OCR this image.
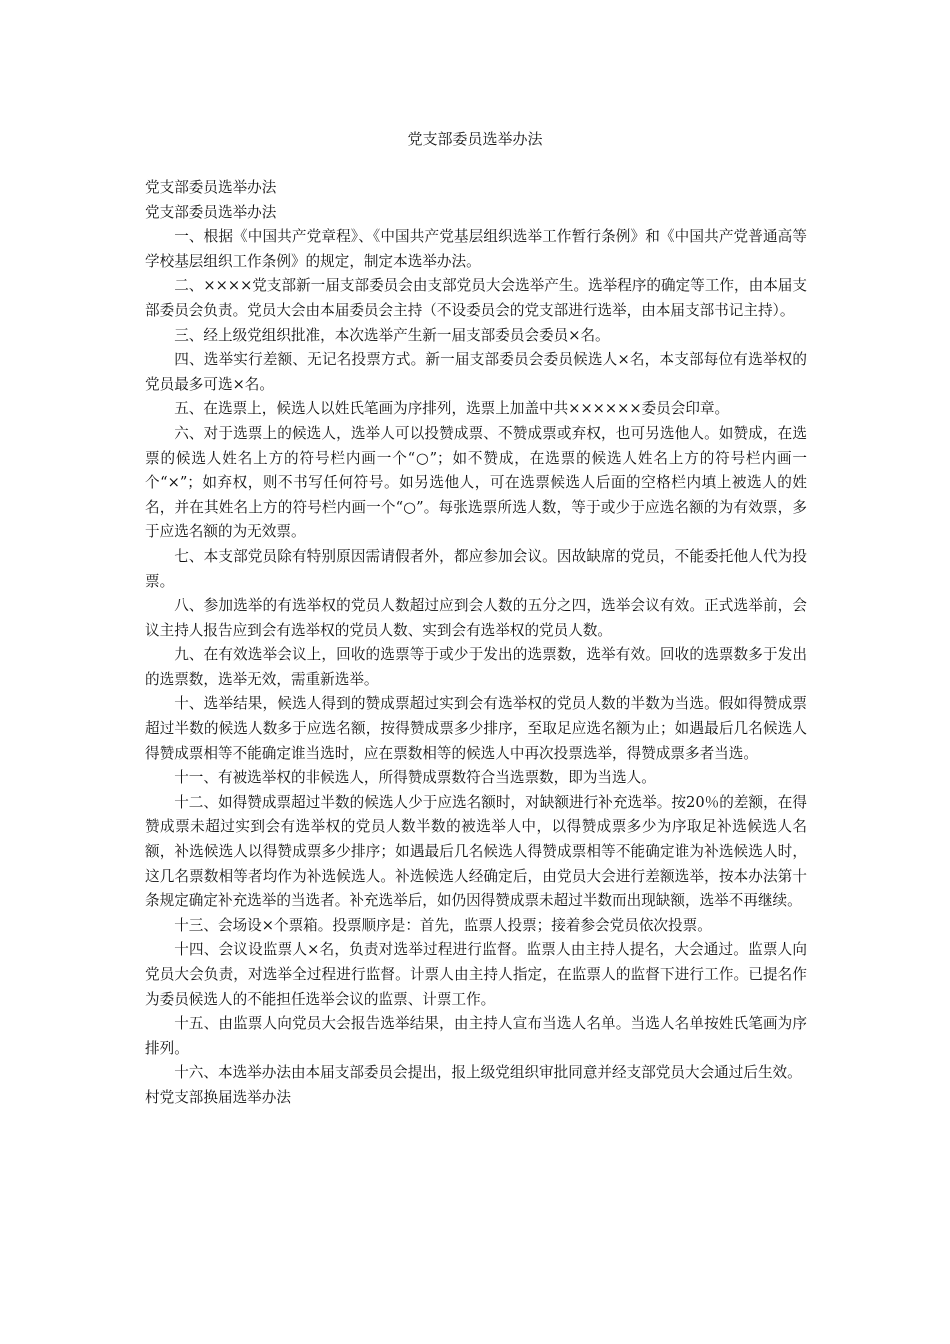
党支部委员选举办法

党支部委员选举办法

党支部委员选举办法

一、根据《中国共产党章程》、《中国共产党基层组织选举工作暂行条例》和《中国共产党普通高等学校基层组织工作条例》的规定，制定本选举办法。

二、××××党支部新一届支部委员会由支部党员大会选举产生。选举程序的确定等工作，由本届支部委员会负责。党员大会由本届委员会主持（不设委员会的党支部进行选举，由本届支部书记主持）。

三、经上级党组织批准，本次选举产生新一届支部委员会委员×名。

四、选举实行差额、无记名投票方式。新一届支部委员会委员候选人×名，本支部每位有选举权的党员最多可选×名。

五、在选票上，候选人以姓氏笔画为序排列，选票上加盖中共××××××委员会印章。

六、对于选票上的候选人，选举人可以投赞成票、不赞成票或弃权，也可另选他人。如赞成，在选票的候选人姓名上方的符号栏内画一个“○”；如不赞成，在选票的候选人姓名上方的符号栏内画一个“×”；如弃权，则不书写任何符号。如另选他人，可在选票候选人后面的空格栏内填上被选人的姓名，并在其姓名上方的符号栏内画一个“○”。每张选票所选人数，等于或少于应选名额的为有效票，多于应选名额的为无效票。

七、本支部党员除有特别原因需请假者外，都应参加会议。因故缺席的党员，不能委托他人代为投票。

八、参加选举的有选举权的党员人数超过应到会人数的五分之四，选举会议有效。正式选举前，会议主持人报告应到会有选举权的党员人数、实到会有选举权的党员人数。

九、在有效选举会议上，回收的选票等于或少于发出的选票数，选举有效。回收的选票数多于发出的选票数，选举无效，需重新选举。

十、选举结果，候选人得到的赞成票超过实到会有选举权的党员人数的半数为当选。假如得赞成票超过半数的候选人数多于应选名额，按得赞成票多少排序，至取足应选名额为止；如遇最后几名候选人得赞成票相等不能确定谁当选时，应在票数相等的候选人中再次投票选举，得赞成票多者当选。

十一、有被选举权的非候选人，所得赞成票数符合当选票数，即为当选人。

十二、如得赞成票超过半数的候选人少于应选名额时，对缺额进行补充选举。按20％的差额，在得赞成票未超过实到会有选举权的党员人数半数的被选举人中，以得赞成票多少为序取足补选候选人名额，补选候选人以得赞成票多少排序；如遇最后几名候选人得赞成票相等不能确定谁为补选候选人时，这几名票数相等者均作为补选候选人。补选候选人经确定后，由党员大会进行差额选举，按本办法第十条规定确定补充选举的当选者。补充选举后，如仍因得赞成票未超过半数而出现缺额，选举不再继续。

十三、会场设×个票箱。投票顺序是：首先，监票人投票；接着参会党员依次投票。

十四、会议设监票人×名，负责对选举过程进行监督。监票人由主持人提名，大会通过。监票人向党员大会负责，对选举全过程进行监督。计票人由主持人指定，在监票人的监督下进行工作。已提名作为委员候选人的不能担任选举会议的监票、计票工作。

十五、由监票人向党员大会报告选举结果，由主持人宣布当选人名单。当选人名单按姓氏笔画为序排列。

十六、本选举办法由本届支部委员会提出，报上级党组织审批同意并经支部党员大会通过后生效。

村党支部换届选举办法
